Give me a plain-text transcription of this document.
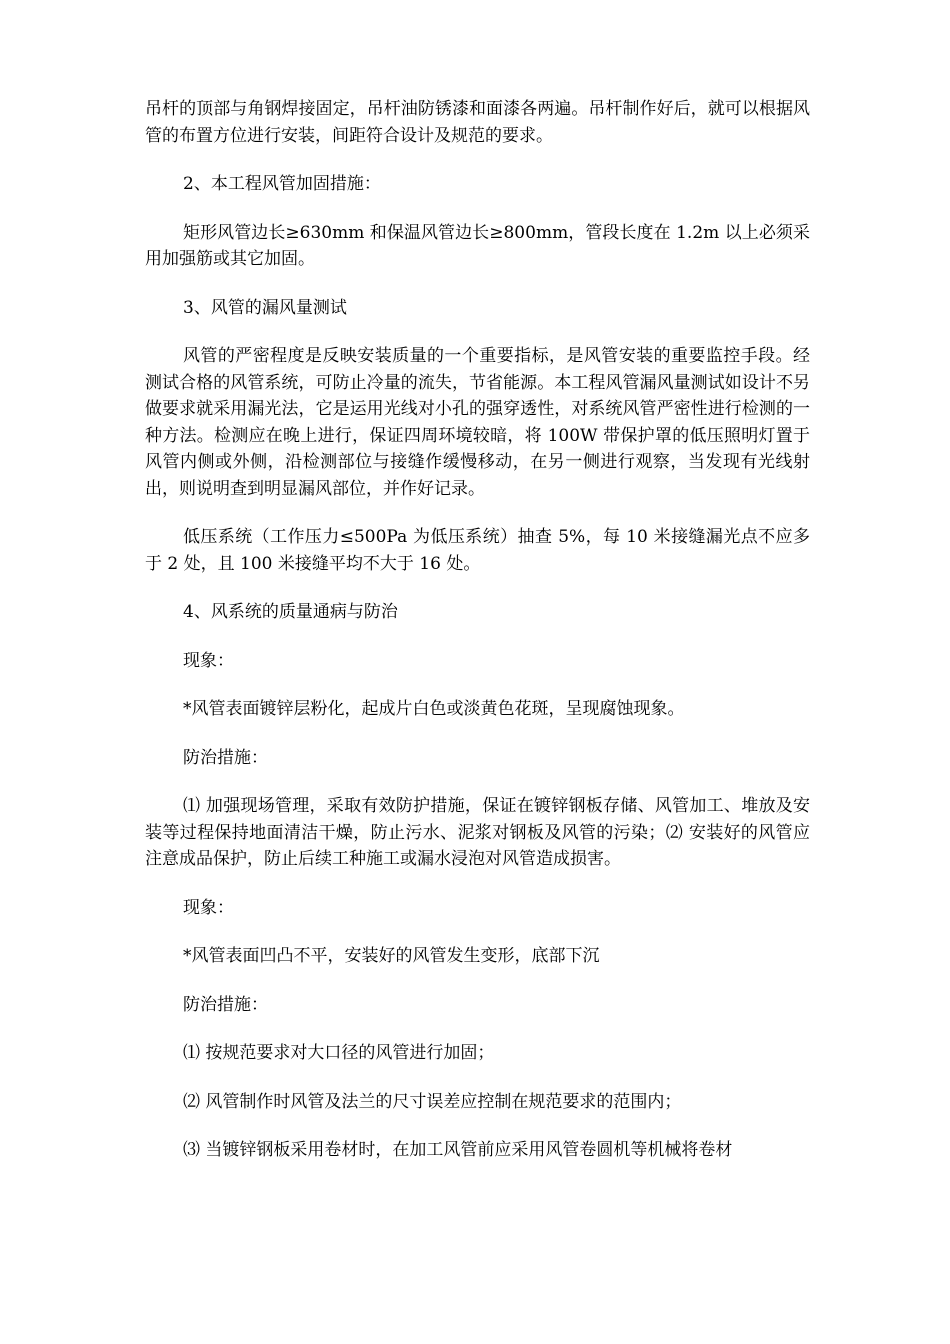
吊杆的顶部与角钢焊接固定，吊杆油防锈漆和面漆各两遍。吊杆制作好后，就可以根据风管的布置方位进行安装，间距符合设计及规范的要求。

2、本工程风管加固措施：

矩形风管边长≥630mm 和保温风管边长≥800mm，管段长度在 1.2m 以上必须采用加强筋或其它加固。

3、风管的漏风量测试

风管的严密程度是反映安装质量的一个重要指标，是风管安装的重要监控手段。经测试合格的风管系统，可防止冷量的流失，节省能源。本工程风管漏风量测试如设计不另做要求就采用漏光法，它是运用光线对小孔的强穿透性，对系统风管严密性进行检测的一种方法。检测应在晚上进行，保证四周环境较暗，将 100W 带保护罩的低压照明灯置于风管内侧或外侧，沿检测部位与接缝作缓慢移动，在另一侧进行观察，当发现有光线射出，则说明查到明显漏风部位，并作好记录。

低压系统（工作压力≤500Pa 为低压系统）抽查 5%，每 10 米接缝漏光点不应多于 2 处，且 100 米接缝平均不大于 16 处。

4、风系统的质量通病与防治

现象：

*风管表面镀锌层粉化，起成片白色或淡黄色花斑，呈现腐蚀现象。

防治措施：

⑴ 加强现场管理，采取有效防护措施，保证在镀锌钢板存储、风管加工、堆放及安装等过程保持地面清洁干燥，防止污水、泥浆对钢板及风管的污染；⑵ 安装好的风管应注意成品保护，防止后续工种施工或漏水浸泡对风管造成损害。

现象：

*风管表面凹凸不平，安装好的风管发生变形，底部下沉

防治措施：

⑴ 按规范要求对大口径的风管进行加固；

⑵ 风管制作时风管及法兰的尺寸误差应控制在规范要求的范围内；

⑶ 当镀锌钢板采用卷材时，在加工风管前应采用风管卷圆机等机械将卷材
